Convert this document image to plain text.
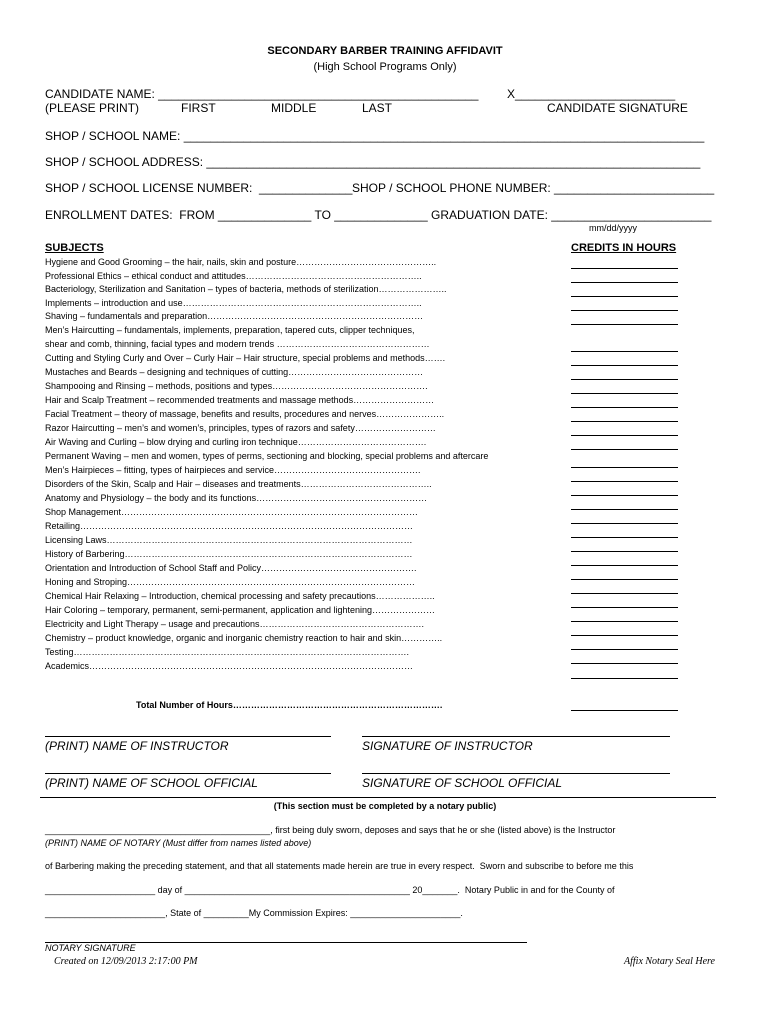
SECONDARY BARBER TRAINING AFFIDAVIT
(High School Programs Only)
CANDIDATE NAME: ________________________________________________ X________________________
(PLEASE PRINT)	FIRST	MIDDLE	LAST	CANDIDATE SIGNATURE
SHOP / SCHOOL NAME: ______________________________________________________________________________
SHOP / SCHOOL ADDRESS: __________________________________________________________________________
SHOP / SCHOOL LICENSE NUMBER:  ______________ SHOP / SCHOOL PHONE NUMBER: ________________________
ENROLLMENT DATES:  FROM ______________ TO ______________ GRADUATION DATE: ________________________
mm/dd/yyyy
SUBJECTS	CREDITS IN HOURS
Hygiene and Good Grooming – the hair, nails, skin and posture………………………………………..
Professional Ethics – ethical conduct and attitudes…………………………………………………..
Bacteriology, Sterilization and Sanitation – types of bacteria, methods of sterilization…………………..
Implements – introduction and use……………………………………………………………………..
Shaving – fundamentals and preparation………………………………………………………………
Men’s Haircutting – fundamentals, implements, preparation, tapered cuts, clipper techniques,
shear and comb, thinning, facial types and modern trends ……………………………………………
Cutting and Styling Curly and Over – Curly Hair – Hair structure, special problems and methods…….
Mustaches and Beards – designing and techniques of cutting………………………………………
Shampooing and Rinsing – methods, positions and types…………………………………………….
Hair and Scalp Treatment – recommended treatments and massage methods………………………
Facial Treatment – theory of massage, benefits and results, procedures and nerves…………………..
Razor Haircutting – men’s and women’s, principles, types of razors and safety………………………
Air Waving and Curling – blow drying and curling iron technique…………………………………….
Permanent Waving – men and women, types of perms, sectioning and blocking, special problems and aftercare
Men’s Hairpieces – fitting, types of hairpieces and service………………………………………….
Disorders of the Skin, Scalp and Hair – diseases and treatments……………………………………..
Anatomy and Physiology – the body and its functions…………………………………………………
Shop Management………………………………………………………………………………………
Retailing…………………………………………………………………………………………………
Licensing Laws…………………………………………………………………………………………
History of Barbering……………………………………………………………………………………
Orientation and Introduction of School Staff and Policy…………………………………………….
Honing and Stroping……………………………………………………………………………………
Chemical Hair Relaxing – Introduction, chemical processing and safety precautions………………..
Hair Coloring – temporary, permanent, semi-permanent, application and lightening…………………
Electricity and Light Therapy – usage and precautions……………………………………………….
Chemistry – product knowledge, organic and inorganic chemistry reaction to hair and skin…………..
Testing………………………………………………………………………………………………….
Academics………………………………………………………………………………………………
Total Number of Hours…………………………………………………………….
(PRINT) NAME OF INSTRUCTOR	SIGNATURE OF INSTRUCTOR
(PRINT) NAME OF SCHOOL OFFICIAL	SIGNATURE OF SCHOOL OFFICIAL
(This section must be completed by a notary public)
_____________________________________________, first being duly sworn, deposes and says that he or she (listed above) is the Instructor
(PRINT) NAME OF NOTARY (Must differ from names listed above)
of Barbering making the preceding statement, and that all statements made herein are true in every respect.  Sworn and subscribe to before me this
______________________ day of _____________________________________________ 20_______.  Notary Public in and for the County of
________________________, State of _________My Commission Expires: ______________________.
NOTARY SIGNATURE
Created on 12/09/2013 2:17:00 PM	Affix Notary Seal Here
